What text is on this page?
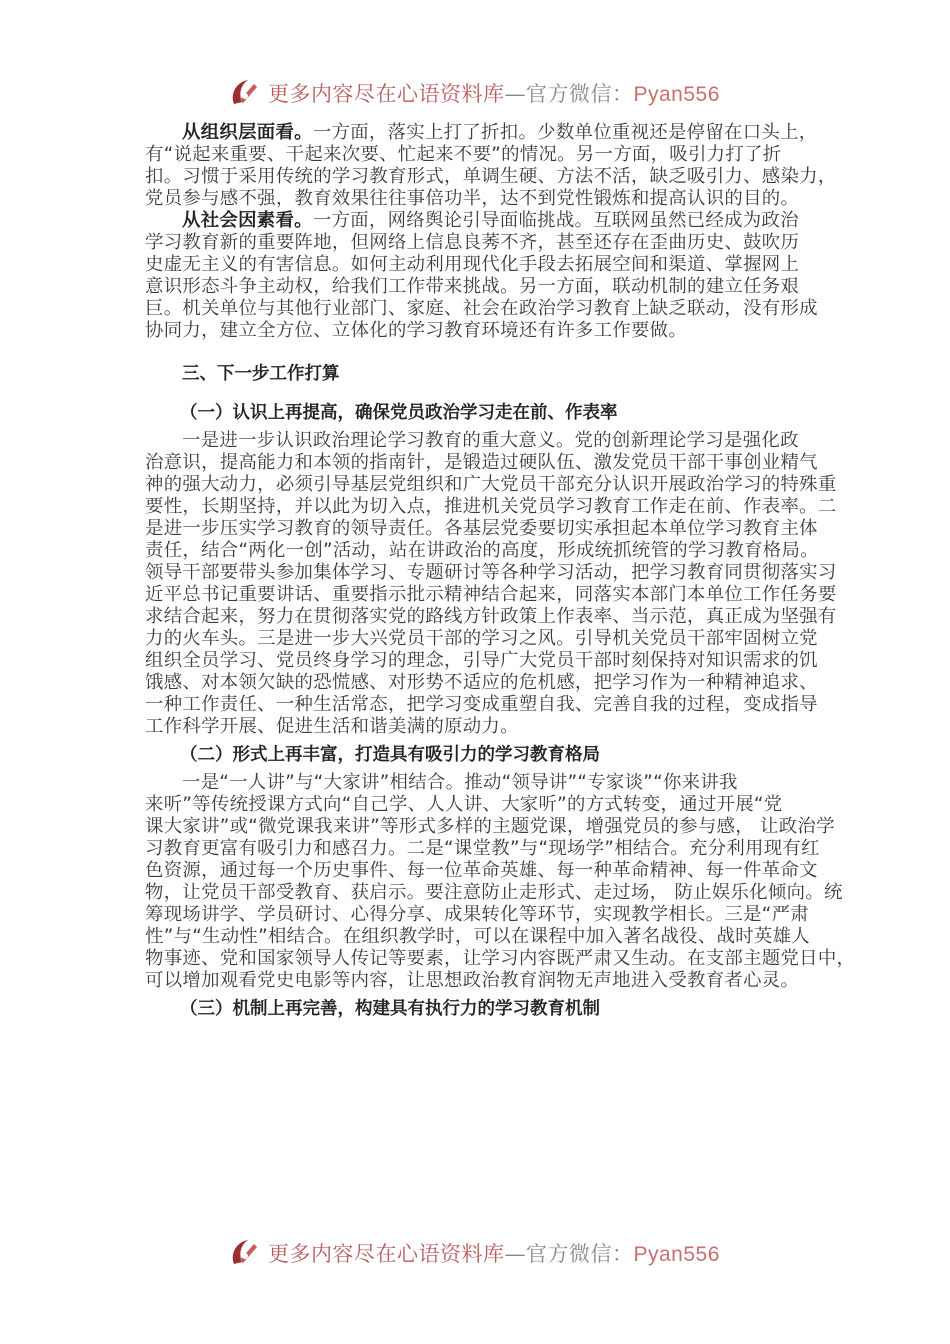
更多内容尽在心语资料库—官方微信：Pyan556
从组织层面看。一方面，落实上打了折扣。少数单位重视还是停留在口头上，
有“说起来重要、干起来次要、忙起来不要”的情况。另一方面，吸引力打了折
扣。习惯于采用传统的学习教育形式，单调生硬、方法不活，缺乏吸引力、感染力，
党员参与感不强，教育效果往往事倍功半，达不到党性锻炼和提高认识的目的。
从社会因素看。一方面，网络舆论引导面临挑战。互联网虽然已经成为政治
学习教育新的重要阵地，但网络上信息良莠不齐，甚至还存在歪曲历史、鼓吹历
史虚无主义的有害信息。如何主动利用现代化手段去拓展空间和渠道、掌握网上
意识形态斗争主动权，给我们工作带来挑战。另一方面，联动机制的建立任务艰
巨。机关单位与其他行业部门、家庭、社会在政治学习教育上缺乏联动，没有形成
协同力，建立全方位、立体化的学习教育环境还有许多工作要做。
三、下一步工作打算
（一）认识上再提高，确保党员政治学习走在前、作表率
一是进一步认识政治理论学习教育的重大意义。党的创新理论学习是强化政
治意识，提高能力和本领的指南针，是锻造过硬队伍、激发党员干部干事创业精气
神的强大动力，必须引导基层党组织和广大党员干部充分认识开展政治学习的特殊重
要性，长期坚持，并以此为切入点，推进机关党员学习教育工作走在前、作表率。二
是进一步压实学习教育的领导责任。各基层党委要切实承担起本单位学习教育主体
责任，结合“两化一创”活动，站在讲政治的高度，形成统抓统管的学习教育格局。
领导干部要带头参加集体学习、专题研讨等各种学习活动，把学习教育同贯彻落实习
近平总书记重要讲话、重要指示批示精神结合起来，同落实本部门本单位工作任务要
求结合起来，努力在贯彻落实党的路线方针政策上作表率、当示范，真正成为坚强有
力的火车头。三是进一步大兴党员干部的学习之风。引导机关党员干部牢固树立党
组织全员学习、党员终身学习的理念，引导广大党员干部时刻保持对知识需求的饥
饿感、对本领欠缺的恐慌感、对形势不适应的危机感，把学习作为一种精神追求、
一种工作责任、一种生活常态，把学习变成重塑自我、完善自我的过程，变成指导
工作科学开展、促进生活和谐美满的原动力。
（二）形式上再丰富，打造具有吸引力的学习教育格局
一是“一人讲”与“大家讲”相结合。推动“领导讲”“专家谈”“你来讲我
来听”等传统授课方式向“自己学、人人讲、大家听”的方式转变，通过开展“党
课大家讲”或“微党课我来讲”等形式多样的主题党课，增强党员的参与感， 让政治学
习教育更富有吸引力和感召力。二是“课堂教”与“现场学”相结合。充分利用现有红
色资源，通过每一个历史事件、每一位革命英雄、每一种革命精神、每一件革命文
物，让党员干部受教育、获启示。要注意防止走形式、走过场， 防止娱乐化倾向。统
筹现场讲学、学员研讨、心得分享、成果转化等环节，实现教学相长。三是“严肃
性”与“生动性”相结合。在组织教学时，可以在课程中加入著名战役、战时英雄人
物事迹、党和国家领导人传记等要素，让学习内容既严肃又生动。在支部主题党日中，
可以增加观看党史电影等内容，让思想政治教育润物无声地进入受教育者心灵。
（三）机制上再完善，构建具有执行力的学习教育机制
更多内容尽在心语资料库—官方微信：Pyan556
